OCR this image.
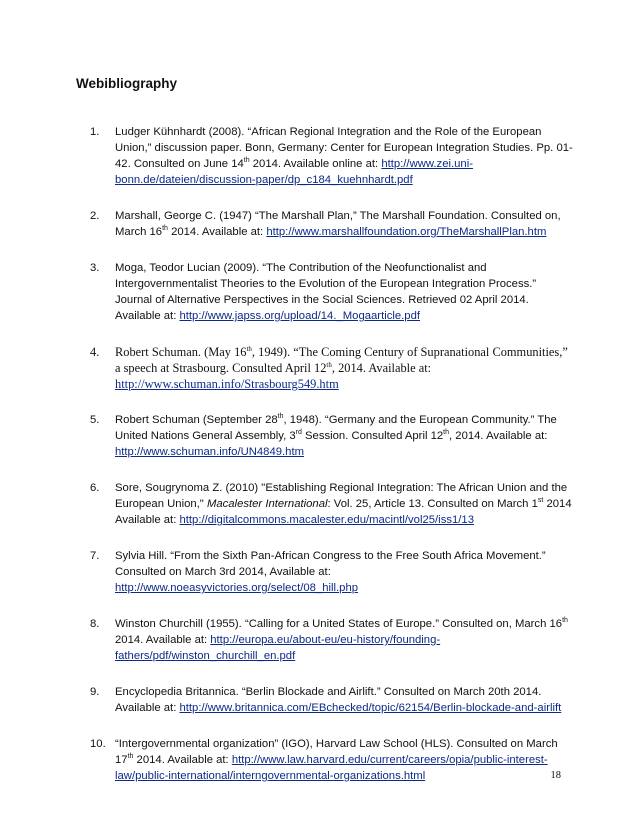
Webibliography
1. Ludger Kühnhardt (2008). “African Regional Integration and the Role of the European Union,” discussion paper. Bonn, Germany: Center for European Integration Studies. Pp. 01-42. Consulted on June 14th 2014. Available online at: http://www.zei.uni-bonn.de/dateien/discussion-paper/dp_c184_kuehnhardt.pdf
2. Marshall, George C. (1947) “The Marshall Plan,” The Marshall Foundation. Consulted on, March 16th 2014. Available at: http://www.marshallfoundation.org/TheMarshallPlan.htm
3. Moga, Teodor Lucian (2009). “The Contribution of the Neofunctionalist and Intergovernmentalist Theories to the Evolution of the European Integration Process.” Journal of Alternative Perspectives in the Social Sciences. Retrieved 02 April 2014. Available at: http://www.japss.org/upload/14._Mogaarticle.pdf
4. Robert Schuman. (May 16th, 1949). “The Coming Century of Supranational Communities,” a speech at Strasbourg. Consulted April 12th, 2014. Available at: http://www.schuman.info/Strasbourg549.htm
5. Robert Schuman (September 28th, 1948). “Germany and the European Community.” The United Nations General Assembly, 3rd Session. Consulted April 12th, 2014. Available at: http://www.schuman.info/UN4849.htm
6. Sore, Sougrynoma Z. (2010) "Establishing Regional Integration: The African Union and the European Union," Macalester International: Vol. 25, Article 13. Consulted on March 1st 2014 Available at: http://digitalcommons.macalester.edu/macintl/vol25/iss1/13
7. Sylvia Hill. “From the Sixth Pan-African Congress to the Free South Africa Movement.” Consulted on March 3rd 2014, Available at: http://www.noeasyvictories.org/select/08_hill.php
8. Winston Churchill (1955). “Calling for a United States of Europe.” Consulted on, March 16th 2014. Available at: http://europa.eu/about-eu/eu-history/founding-fathers/pdf/winston_churchill_en.pdf
9. Encyclopedia Britannica. “Berlin Blockade and Airlift.” Consulted on March 20th 2014. Available at: http://www.britannica.com/EBchecked/topic/62154/Berlin-blockade-and-airlift
10. “Intergovernmental organization” (IGO), Harvard Law School (HLS). Consulted on March 17th 2014. Available at: http://www.law.harvard.edu/current/careers/opia/public-interest-law/public-international/interngovernmental-organizations.html	18
